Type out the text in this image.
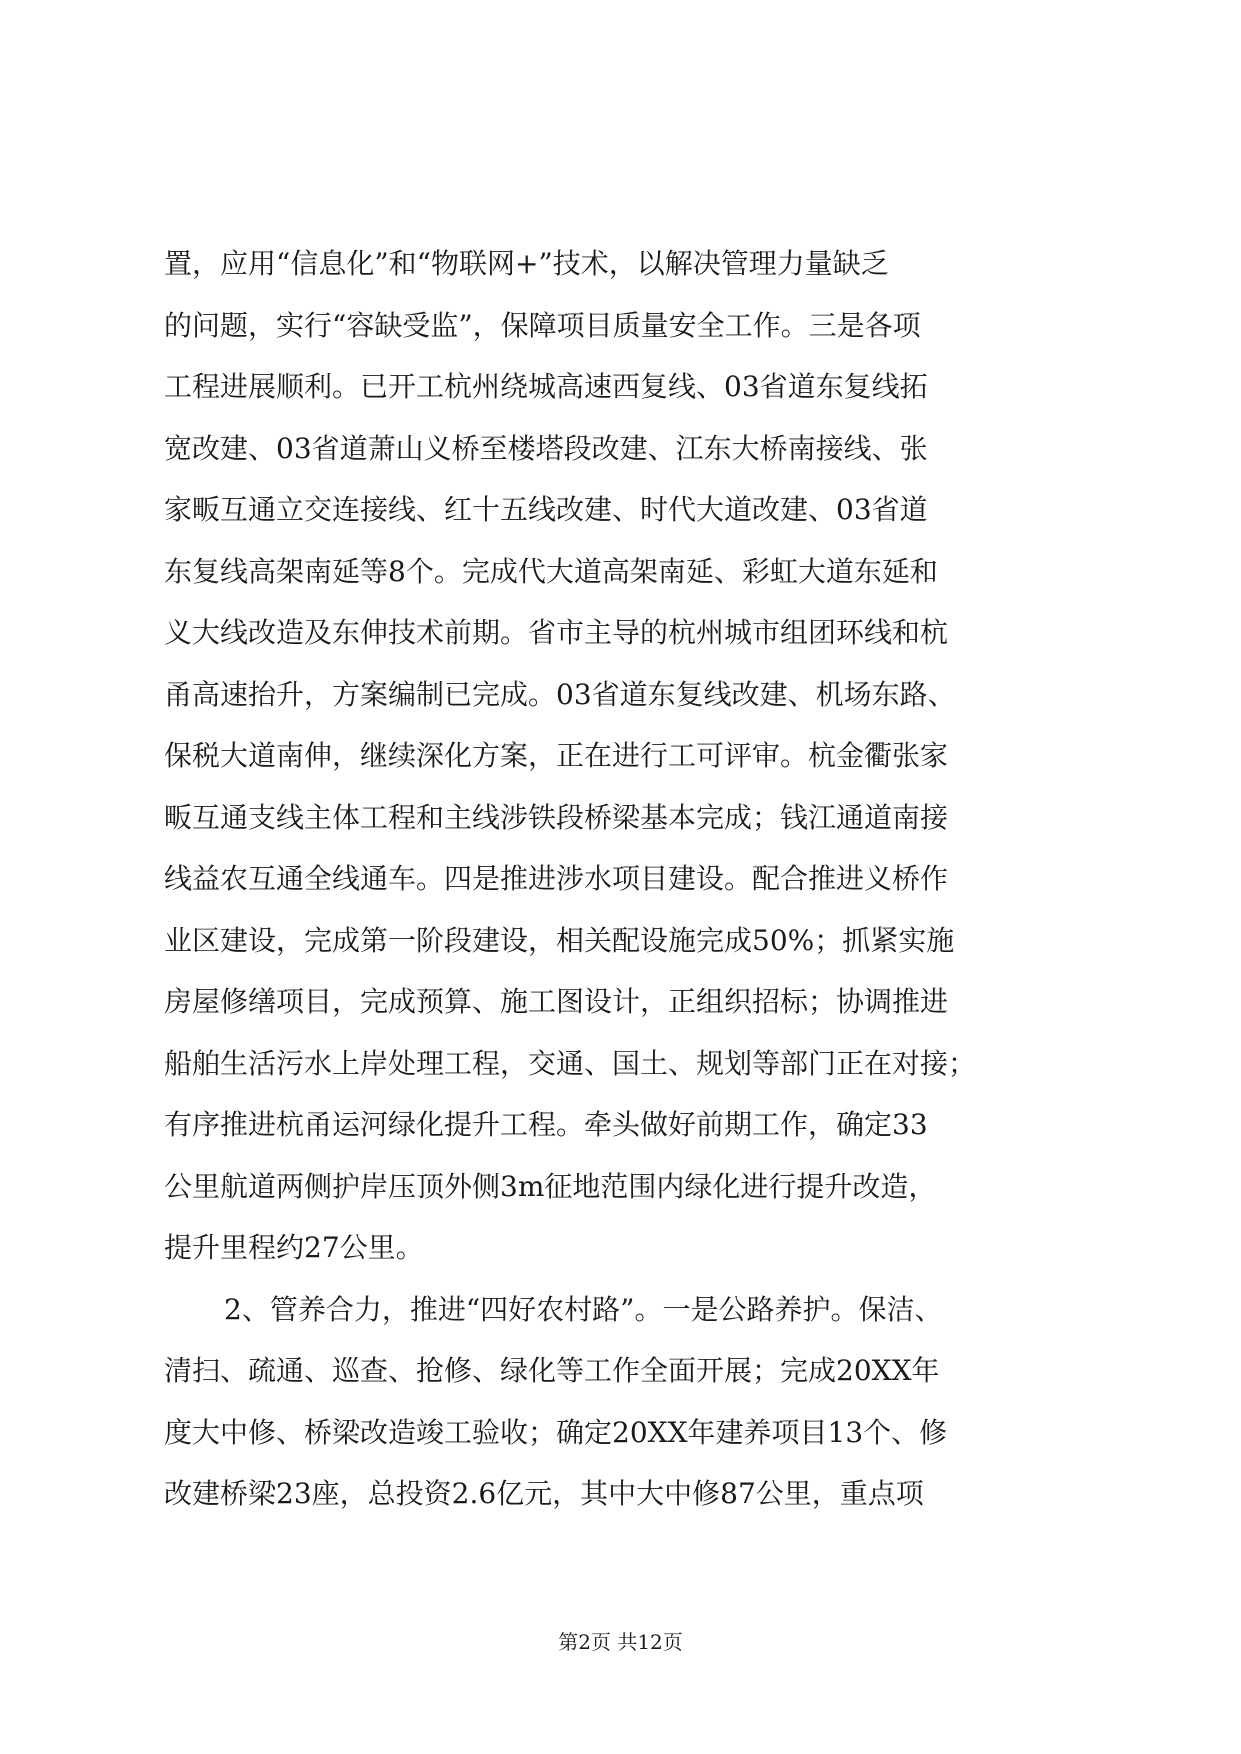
置，应用“信息化”和“物联网+”技术，以解决管理力量缺乏
的问题，实行“容缺受监”，保障项目质量安全工作。三是各项
工程进展顺利。已开工杭州绕城高速西复线、03省道东复线拓
宽改建、03省道萧山义桥至楼塔段改建、江东大桥南接线、张
家畈互通立交连接线、红十五线改建、时代大道改建、03省道
东复线高架南延等8个。完成代大道高架南延、彩虹大道东延和
义大线改造及东伸技术前期。省市主导的杭州城市组团环线和杭
甬高速抬升，方案编制已完成。03省道东复线改建、机场东路、
保税大道南伸，继续深化方案，正在进行工可评审。杭金衢张家
畈互通支线主体工程和主线涉铁段桥梁基本完成；钱江通道南接
线益农互通全线通车。四是推进涉水项目建设。配合推进义桥作
业区建设，完成第一阶段建设，相关配设施完成50%；抓紧实施
房屋修缮项目，完成预算、施工图设计，正组织招标；协调推进
船舶生活污水上岸处理工程，交通、国土、规划等部门正在对接；
有序推进杭甬运河绿化提升工程。牵头做好前期工作，确定33
公里航道两侧护岸压顶外侧3m征地范围内绿化进行提升改造，
提升里程约27公里。
2、管养合力，推进“四好农村路”。一是公路养护。保洁、
清扫、疏通、巡查、抢修、绿化等工作全面开展；完成20XX年
度大中修、桥梁改造竣工验收；确定20XX年建养项目13个、修
改建桥梁23座，总投资2.6亿元，其中大中修87公里，重点项
第2页 共12页
